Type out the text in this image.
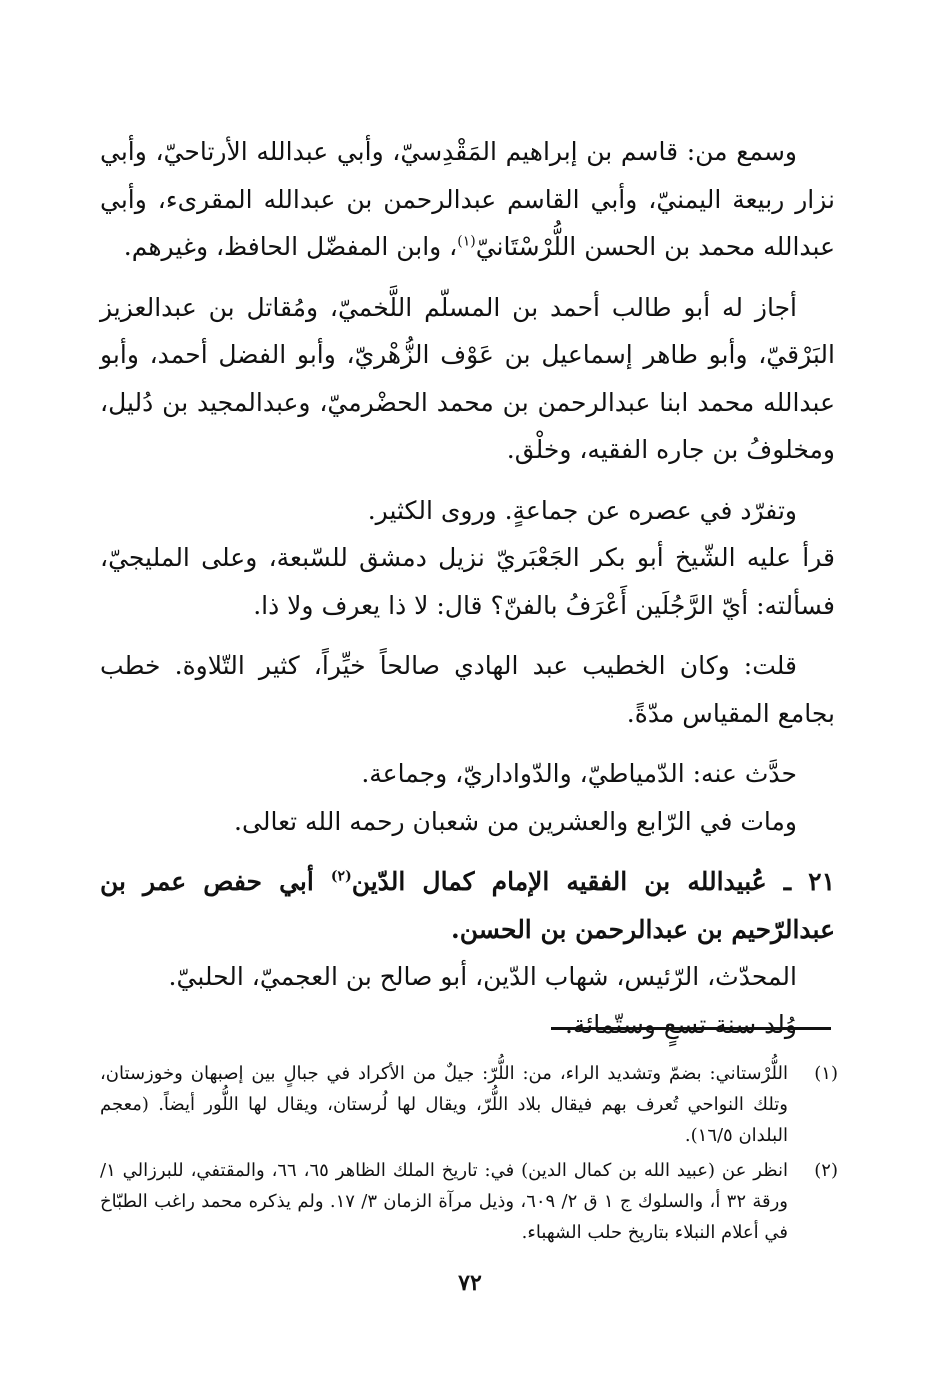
وسمع من: قاسم بن إبراهيم المَقْدِسيّ، وأبي عبدالله الأرتاحيّ، وأبي نزار ربيعة اليمنيّ، وأبي القاسم عبدالرحمن بن عبدالله المقرىء، وأبي عبدالله محمد بن الحسن اللُّرْسْتَانيّ$^{(١)}$، وابن المفضّل الحافظ، وغيرهم.

أجاز له أبو طالب أحمد بن المسلّم اللَّخميّ، ومُقاتل بن عبدالعزيز البَرْقيّ، وأبو طاهر إسماعيل بن عَوْف الزُّهْريّ، وأبو الفضل أحمد، وأبو عبدالله محمد ابنا عبدالرحمن بن محمد الحضْرميّ، وعبدالمجيد بن دُليل، ومخلوفُ بن جاره الفقيه، وخلْق.

وتفرّد في عصره عن جماعةٍ. وروى الكثير.

قرأ عليه الشّيخ أبو بكر الجَعْبَريّ نزيل دمشق للسّبعة، وعلى المليجيّ، فسألته: أيّ الرَّجُلَين أَعْرَفُ بالفنّ؟ قال: لا ذا يعرف ولا ذا.

قلت: وكان الخطيب عبد الهادي صالحاً خيِّراً، كثير التّلاوة. خطب بجامع المقياس مدّةً.

حدَّث عنه: الدّمياطيّ، والدّواداريّ، وجماعة.

ومات في الرّابع والعشرين من شعبان رحمه الله تعالى.

٢١ ـ عُبيدالله بن الفقيه الإمام كمال الدّين$^{(٢)}$ أبي حفص عمر بن عبدالرّحيم بن عبدالرحمن بن الحسن.

المحدّث، الرّئيس، شهاب الدّين، أبو صالح بن العجميّ، الحلبيّ.

وُلد سنة تسعٍ وستّمائة.

(١)
اللُّرْستاني: بضمّ وتشديد الراء، من: اللُّرّ: جيلٌ من الأكراد في جبالٍ بين إصبهان وخوزستان، وتلك النواحي تُعرف بهم فيقال بلاد اللُّرّ، ويقال لها لُرستان، ويقال لها اللُّور أيضاً. (معجم البلدان ١٦/٥).
(٢)
انظر عن (عبيد الله بن كمال الدين) في: تاريخ الملك الظاهر ٦٥، ٦٦، والمقتفي، للبرزالي ١/ ورقة ٣٢ أ، والسلوك ج ١ ق ٢/ ٦٠٩، وذيل مرآة الزمان ٣/ ١٧. ولم يذكره محمد راغب الطبّاخ في أعلام النبلاء بتاريخ حلب الشهباء.
٧٢
